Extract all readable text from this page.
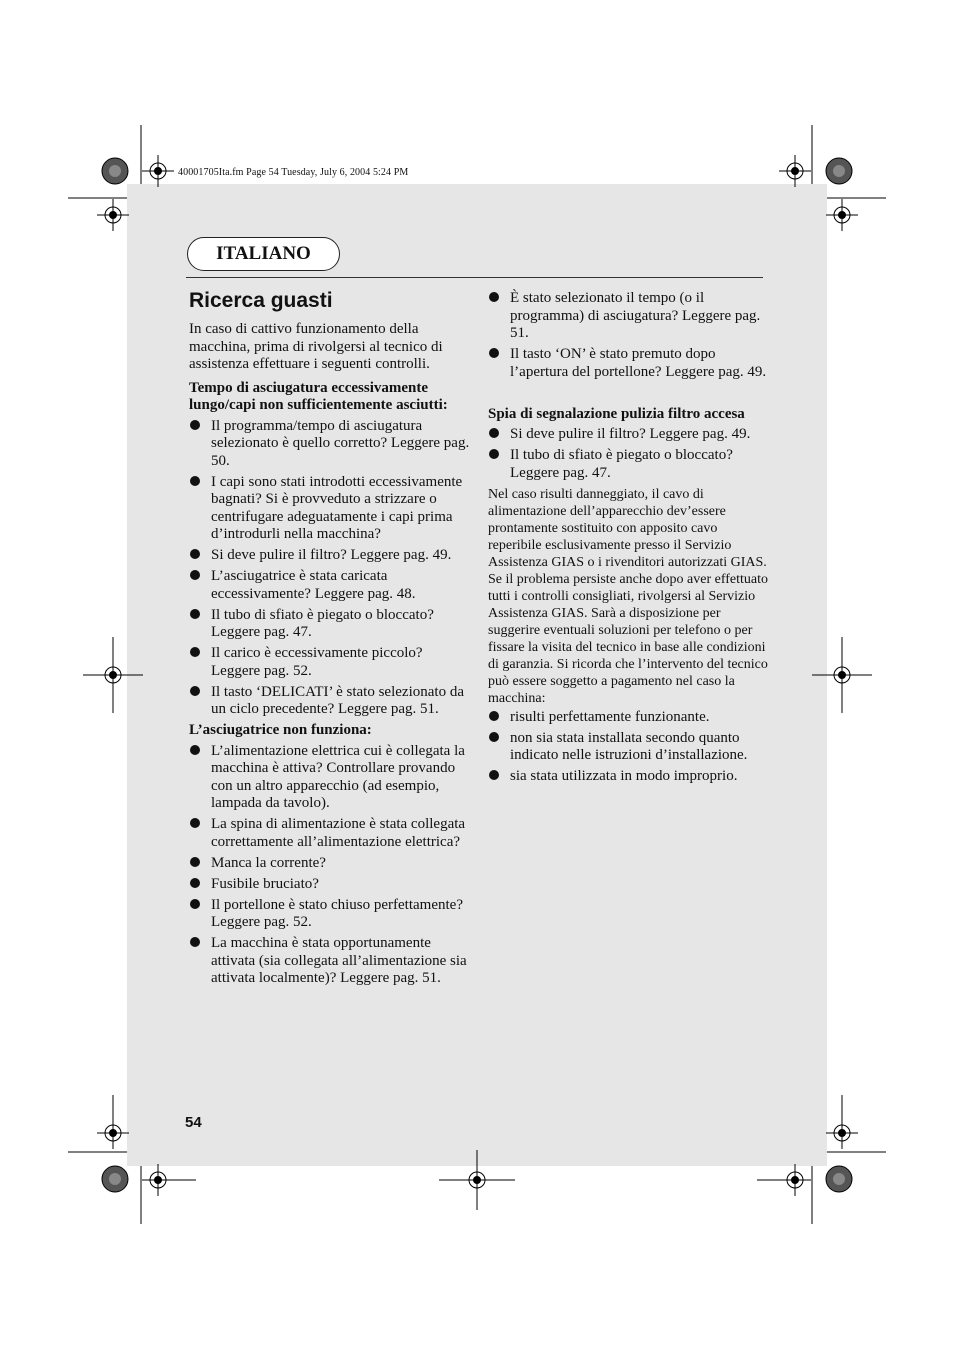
40001705Ita.fm Page 54 Tuesday, July 6, 2004 5:24 PM
ITALIANO
Ricerca guasti

In caso di cattivo funzionamento della macchina, prima di rivolgersi al tecnico di assistenza effettuare i seguenti controlli.

Tempo di asciugatura eccessivamente lungo/capi non sufficientemente asciutti:

Il programma/tempo di asciugatura selezionato è quello corretto? Leggere pag. 50.
I capi sono stati introdotti eccessivamente bagnati? Si è provveduto a strizzare o centrifugare adeguatamente i capi prima d’introdurli nella macchina?
Si deve pulire il filtro? Leggere pag. 49.
L’asciugatrice è stata caricata eccessivamente? Leggere pag. 48.
Il tubo di sfiato è piegato o bloccato? Leggere pag. 47.
Il carico è eccessivamente piccolo? Leggere pag. 52.
Il tasto ‘DELICATI’ è stato selezionato da un ciclo precedente? Leggere pag. 51.

L’asciugatrice non funziona:

L’alimentazione elettrica cui è collegata la macchina è attiva? Controllare provando con un altro apparecchio (ad esempio, lampada da tavolo).
La spina di alimentazione è stata collegata correttamente all’alimentazione elettrica?
Manca la corrente?
Fusibile bruciato?
Il portellone è stato chiuso perfettamente? Leggere pag. 52.
La macchina è stata opportunamente attivata (sia collegata all’alimentazione sia attivata localmente)? Leggere pag. 51.
È stato selezionato il tempo (o il programma) di asciugatura? Leggere pag. 51.
Il tasto ‘ON’ è stato premuto dopo l’apertura del portellone? Leggere pag. 49.

Spia di segnalazione pulizia filtro accesa

Si deve pulire il filtro? Leggere pag. 49.
Il tubo di sfiato è piegato o bloccato? Leggere pag. 47.

Nel caso risulti danneggiato, il cavo di alimentazione dell’apparecchio dev’essere prontamente sostituito con apposito cavo reperibile esclusivamente presso il Servizio Assistenza GIAS o i rivenditori autorizzati GIAS.

Se il problema persiste anche dopo aver effettuato tutti i controlli consigliati, rivolgersi al Servizio Assistenza GIAS. Sarà a disposizione per suggerire eventuali soluzioni per telefono o per fissare la visita del tecnico in base alle condizioni di garanzia. Si ricorda che l’intervento del tecnico può essere soggetto a pagamento nel caso la macchina:

risulti perfettamente funzionante.
non sia stata installata secondo quanto indicato nelle istruzioni d’installazione.
sia stata utilizzata in modo improprio.
54
